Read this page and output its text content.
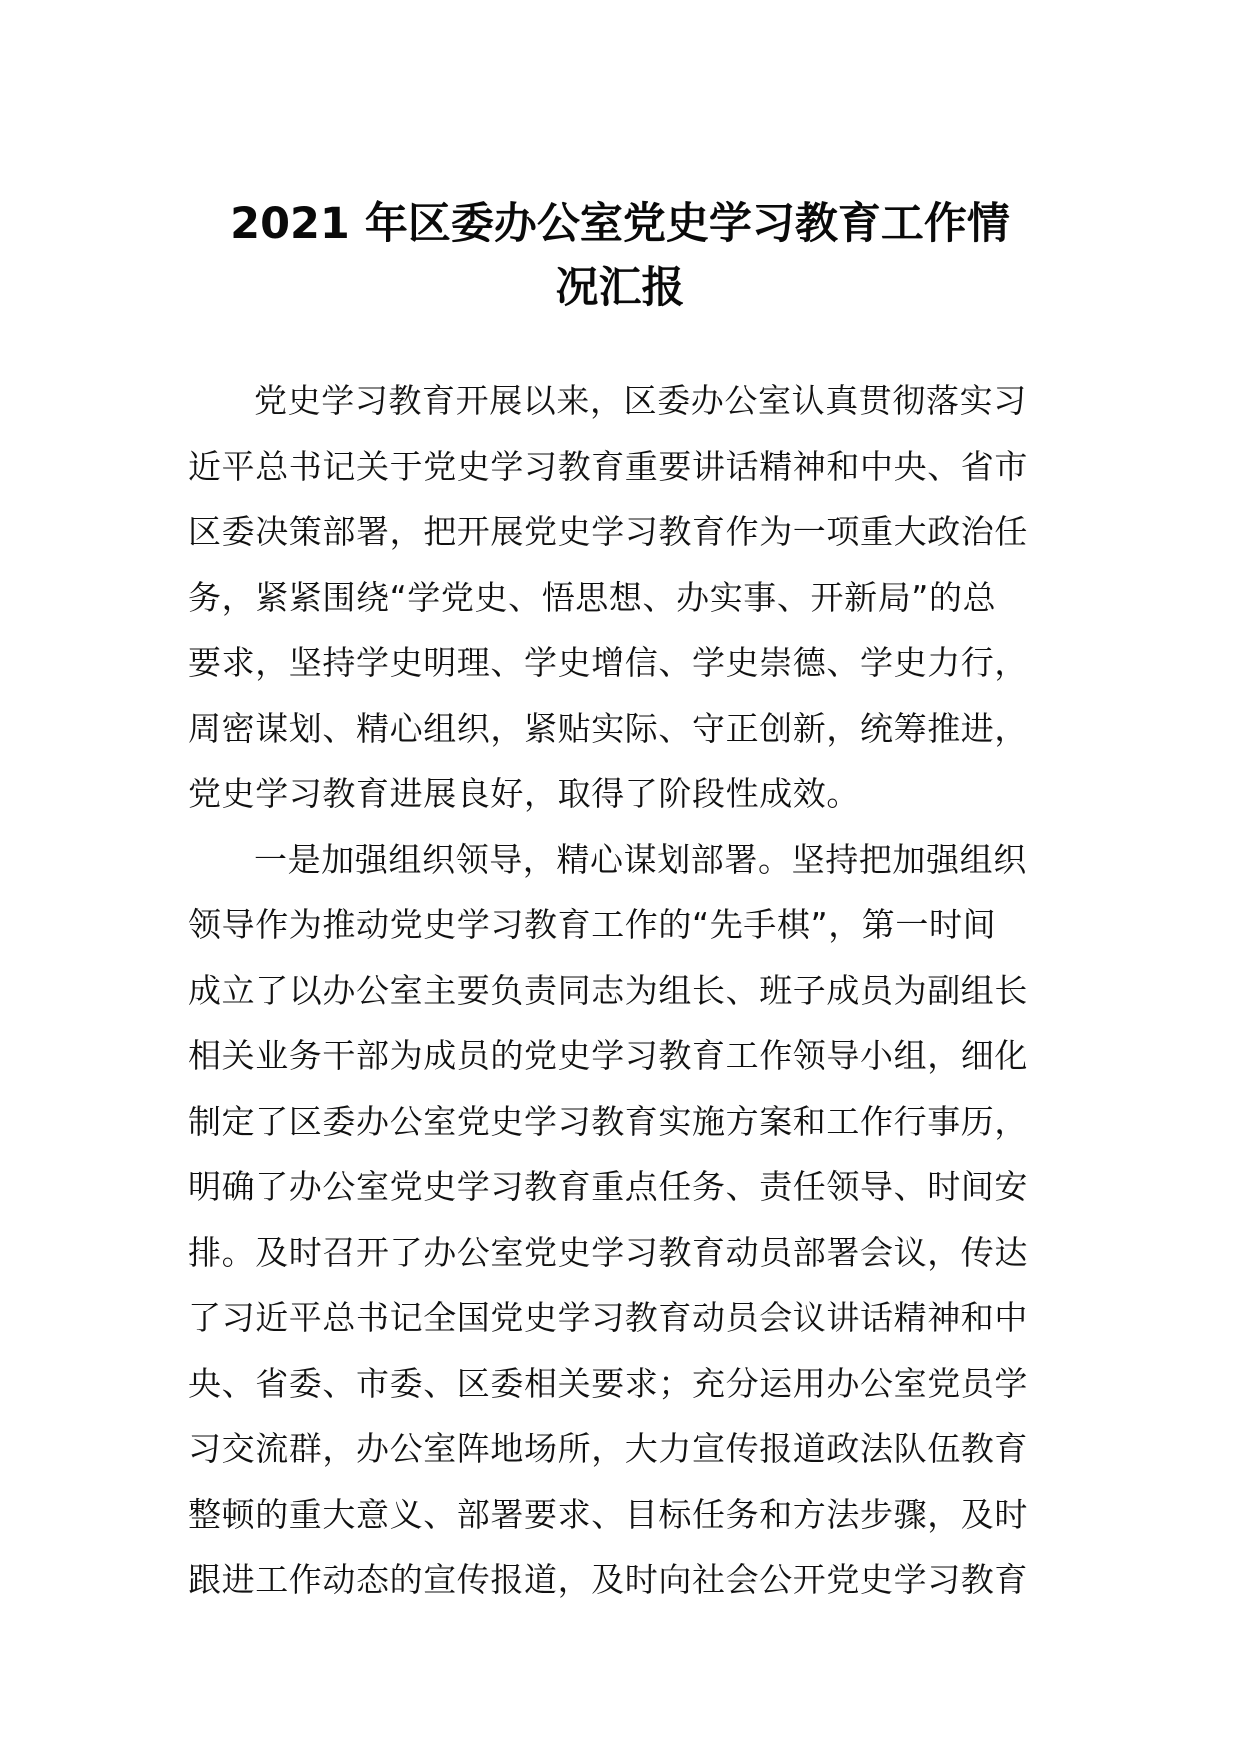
2021 年区委办公室党史学习教育工作情
况汇报
党史学习教育开展以来，区委办公室认真贯彻落实习
近平总书记关于党史学习教育重要讲话精神和中央、省市
区委决策部署，把开展党史学习教育作为一项重大政治任
务，紧紧围绕“学党史、悟思想、办实事、开新局”的总
要求，坚持学史明理、学史增信、学史崇德、学史力行，
周密谋划、精心组织，紧贴实际、守正创新，统筹推进，
党史学习教育进展良好，取得了阶段性成效。
一是加强组织领导，精心谋划部署。坚持把加强组织
领导作为推动党史学习教育工作的“先手棋”，第一时间
成立了以办公室主要负责同志为组长、班子成员为副组长
相关业务干部为成员的党史学习教育工作领导小组，细化
制定了区委办公室党史学习教育实施方案和工作行事历，
明确了办公室党史学习教育重点任务、责任领导、时间安
排。及时召开了办公室党史学习教育动员部署会议，传达
了习近平总书记全国党史学习教育动员会议讲话精神和中
央、省委、市委、区委相关要求；充分运用办公室党员学
习交流群，办公室阵地场所，大力宣传报道政法队伍教育
整顿的重大意义、部署要求、目标任务和方法步骤，及时
跟进工作动态的宣传报道，及时向社会公开党史学习教育
